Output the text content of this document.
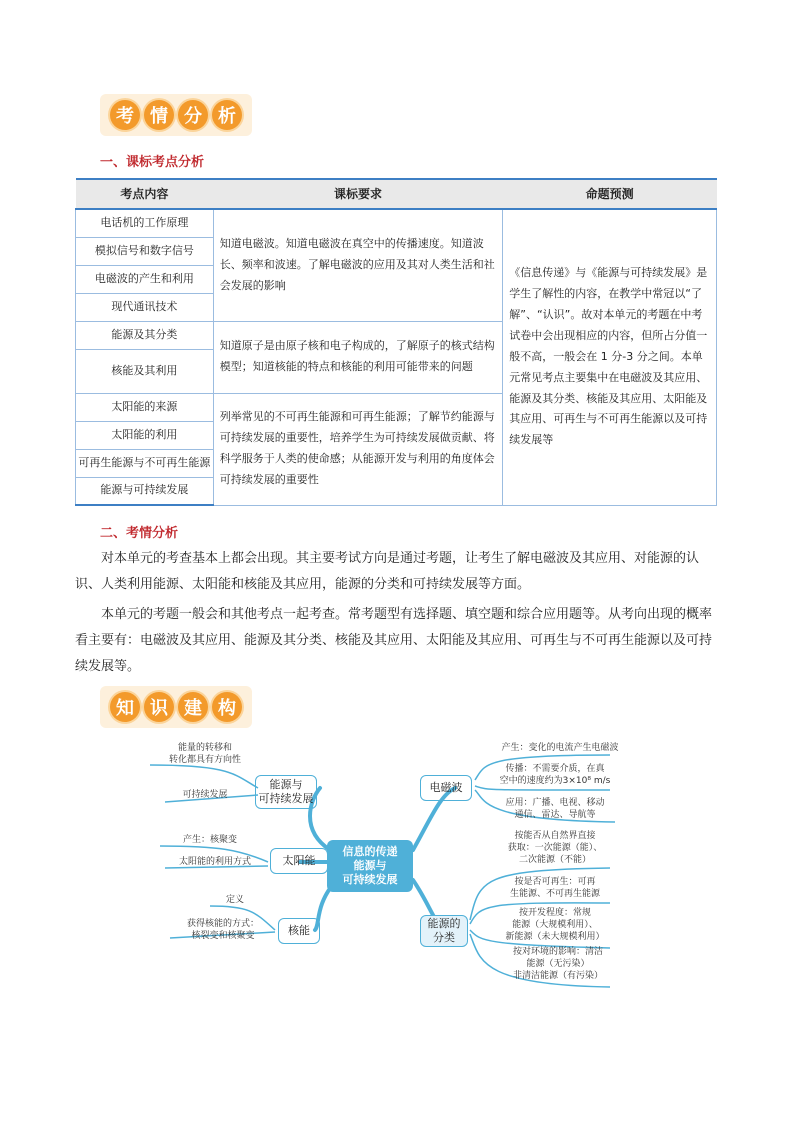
考 情 分 析
一、课标考点分析
考点内容	课标要求	命题预测
电话机的工作原理	知道电磁波。知道电磁波在真空中的传播速度。知道波长、频率和波速。了解电磁波的应用及其对人类生活和社会发展的影响	《信息传递》与《能源与可持续发展》是学生了解性的内容，在教学中常冠以“了解”、“认识”。故对本单元的考题在中考试卷中会出现相应的内容，但所占分值一般不高，一般会在 1 分-3 分之间。本单元常见考点主要集中在电磁波及其应用、能源及其分类、核能及其应用、太阳能及其应用、可再生与不可再生能源以及可持续发展等
模拟信号和数字信号		
电磁波的产生和利用		
现代通讯技术		
能源及其分类	知道原子是由原子核和电子构成的，了解原子的核式结构模型；知道核能的特点和核能的利用可能带来的问题	
核能及其利用		
太阳能的来源	列举常见的不可再生能源和可再生能源；了解节约能源与可持续发展的重要性，培养学生为可持续发展做贡献、将科学服务于人类的使命感；从能源开发与利用的角度体会可持续发展的重要性	
太阳能的利用		
可再生能源与不可再生能源		
能源与可持续发展		
二、考情分析

对本单元的考查基本上都会出现。其主要考试方向是通过考题，让考生了解电磁波及其应用、对能源的认识、人类利用能源、太阳能和核能及其应用，能源的分类和可持续发展等方面。

本单元的考题一般会和其他考点一起考查。常考题型有选择题、填空题和综合应用题等。从考向出现的概率看主要有：电磁波及其应用、能源及其分类、核能及其应用、太阳能及其应用、可再生与不可再生能源以及可持续发展等。

知 识 建 构
信息的传递
能源与
可持续发展
能源与
可持续发展
太阳能
核能
电磁波
能源的
分类
能量的转移和
转化都具有方向性
可持续发展
产生：核聚变
太阳能的利用方式
定义
获得核能的方式：
核裂变和核聚变
产生：变化的电流产生电磁波
传播：不需要介质，在真
空中的速度约为3×10⁸ m/s
应用：广播、电视、移动
通信、雷达、导航等
按能否从自然界直接
获取：一次能源（能）、
二次能源（不能）
按是否可再生：可再
生能源、不可再生能源
按开发程度：常规
能源（大规模利用）、
新能源（未大规模利用）
按对环境的影响：清洁
能源（无污染）
非清洁能源（有污染）
